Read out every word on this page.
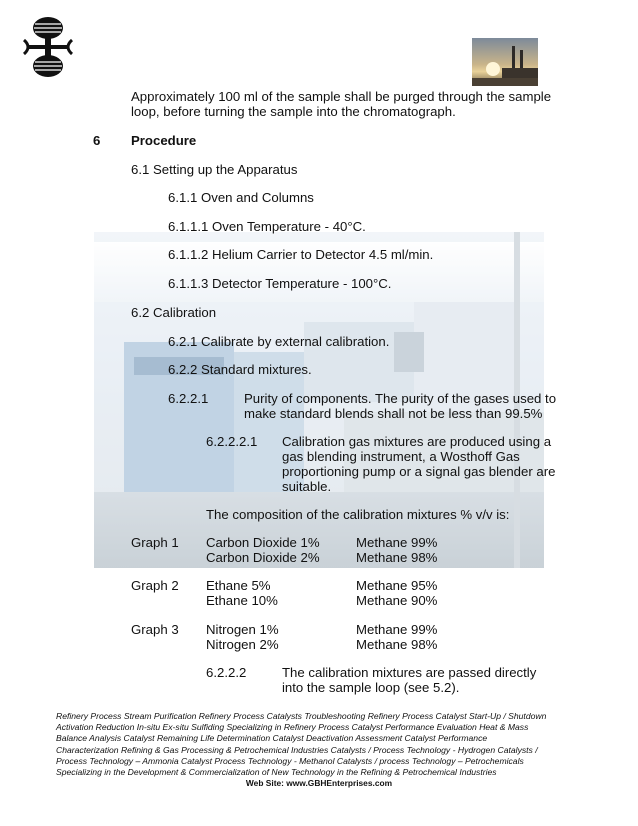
Approximately 100 ml of the sample shall be purged through the sample
loop, before turning the sample into the chromatograph.
6 Procedure
6.1 Setting up the Apparatus
6.1.1 Oven and Columns
6.1.1.1 Oven Temperature - 40°C.
6.1.1.2 Helium Carrier to Detector 4.5 ml/min.
6.1.1.3 Detector Temperature - 100°C.
6.2 Calibration
6.2.1 Calibrate by external calibration.
6.2.2 Standard mixtures.
6.2.2.1	Purity of components. The purity of the gases used to
make standard blends shall not be less than 99.5%
6.2.2.2.1 Calibration gas mixtures are produced using a
gas blending instrument, a Wosthoff Gas
proportioning pump or a signal gas blender are
suitable.
The composition of the calibration mixtures % v/v is:
Graph 1 Carbon Dioxide 1%	Methane 99%
Carbon Dioxide 2%	Methane 98%
Graph 2 Ethane 5%	Methane 95%
Ethane 10%	Methane 90%
Graph 3 Nitrogen 1%	Methane 99%
Nitrogen 2%	Methane 98%
6.2.2.2	The calibration mixtures are passed directly
into the sample loop (see 5.2).
Refinery Process Stream Purification Refinery Process Catalysts Troubleshooting Refinery Process Catalyst Start-Up / Shutdown
Activation Reduction In-situ Ex-situ Sulfiding Specializing in Refinery Process Catalyst Performance Evaluation Heat & Mass
Balance Analysis Catalyst Remaining Life Determination Catalyst Deactivation Assessment Catalyst Performance
Characterization Refining & Gas Processing & Petrochemical Industries Catalysts / Process Technology - Hydrogen Catalysts /
Process Technology – Ammonia Catalyst Process Technology - Methanol Catalysts / process Technology – Petrochemicals
Specializing in the Development & Commercialization of New Technology in the Refining & Petrochemical Industries
Web Site: www.GBHEnterprises.com
